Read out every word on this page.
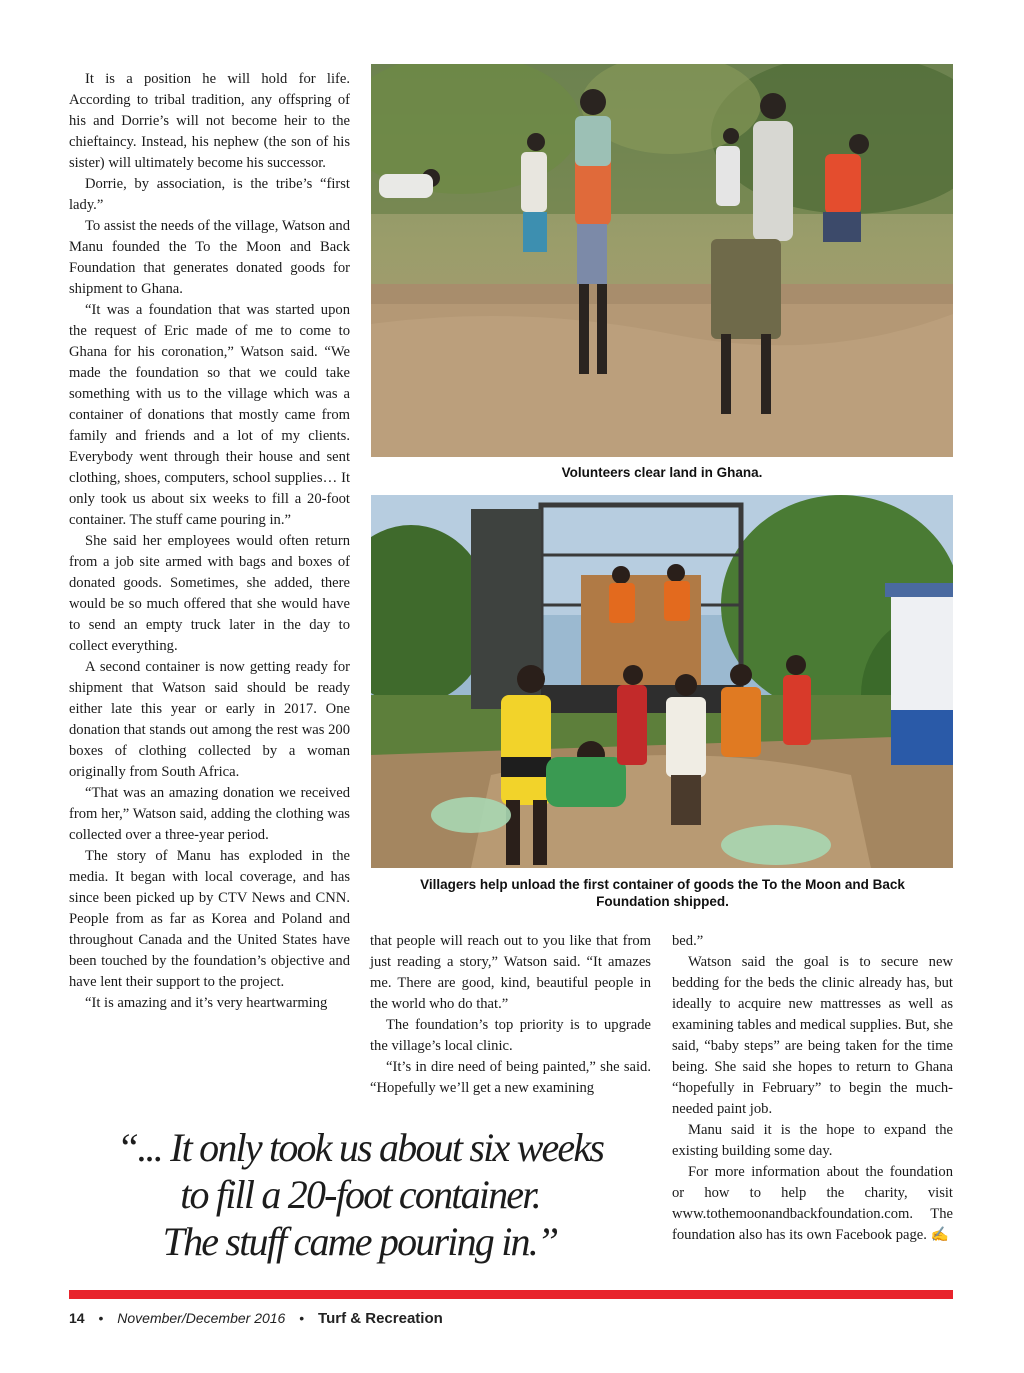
It is a position he will hold for life. According to tribal tradition, any offspring of his and Dorrie’s will not become heir to the chieftaincy. Instead, his nephew (the son of his sister) will ultimately become his successor.

Dorrie, by association, is the tribe’s “first lady.”

To assist the needs of the village, Watson and Manu founded the To the Moon and Back Foundation that generates donated goods for shipment to Ghana.

“It was a foundation that was started upon the request of Eric made of me to come to Ghana for his coronation,” Watson said. “We made the foundation so that we could take something with us to the village which was a container of donations that mostly came from family and friends and a lot of my clients. Everybody went through their house and sent clothing, shoes, computers, school supplies… It only took us about six weeks to fill a 20-foot container. The stuff came pouring in.”

She said her employees would often return from a job site armed with bags and boxes of donated goods. Sometimes, she added, there would be so much offered that she would have to send an empty truck later in the day to collect everything.

A second container is now getting ready for shipment that Watson said should be ready either late this year or early in 2017. One donation that stands out among the rest was 200 boxes of clothing collected by a woman originally from South Africa.

“That was an amazing donation we received from her,” Watson said, adding the clothing was collected over a three-year period.

The story of Manu has exploded in the media. It began with local coverage, and has since been picked up by CTV News and CNN. People from as far as Korea and Poland and throughout Canada and the United States have been touched by the foundation’s objective and have lent their support to the project.

“It is amazing and it’s very heartwarming

Volunteers clear land in Ghana.
Villagers help unload the first container of goods the To the Moon and Back Foundation shipped.

that people will reach out to you like that from just reading a story,” Watson said. “It amazes me. There are good, kind, beautiful people in the world who do that.”

The foundation’s top priority is to upgrade the village’s local clinic.

“It’s in dire need of being painted,” she said. “Hopefully we’ll get a new examining

bed.”

Watson said the goal is to secure new bedding for the beds the clinic already has, but ideally to acquire new mattresses as well as examining tables and medical supplies. But, she said, “baby steps” are being taken for the time being. She said she hopes to return to Ghana “hopefully in February” to begin the much-needed paint job.

Manu said it is the hope to expand the existing building some day.

For more information about the foundation or how to help the charity, visit www.tothemoonandbackfoundation.com. The foundation also has its own Facebook page. ✍

“... It only took us about six weeks
to fill a 20-foot container.
The stuff came pouring in.”
14 • November/December 2016 • Turf & Recreation
